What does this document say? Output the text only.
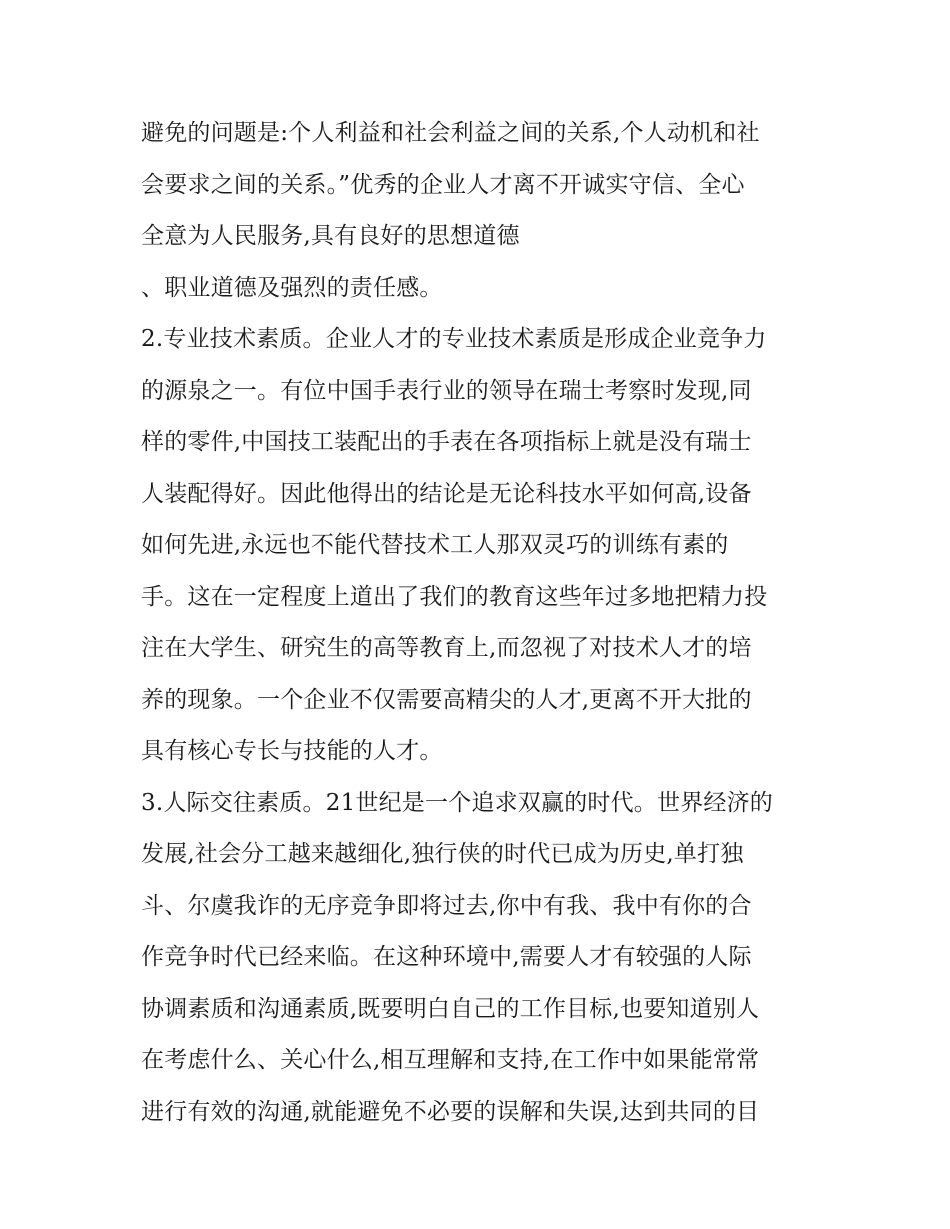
避免的问题是:个人利益和社会利益之间的关系,个人动机和社
会要求之间的关系。”优秀的企业人才离不开诚实守信、全心
全意为人民服务,具有良好的思想道德
、职业道德及强烈的责任感。
2.专业技术素质。企业人才的专业技术素质是形成企业竞争力
的源泉之一。有位中国手表行业的领导在瑞士考察时发现,同
样的零件,中国技工装配出的手表在各项指标上就是没有瑞士
人装配得好。因此他得出的结论是无论科技水平如何高,设备
如何先进,永远也不能代替技术工人那双灵巧的训练有素的
手。这在一定程度上道出了我们的教育这些年过多地把精力投
注在大学生、研究生的高等教育上,而忽视了对技术人才的培
养的现象。一个企业不仅需要高精尖的人才,更离不开大批的
具有核心专长与技能的人才。
3.人际交往素质。21世纪是一个追求双赢的时代。世界经济的
发展,社会分工越来越细化,独行侠的时代已成为历史,单打独
斗、尔虞我诈的无序竞争即将过去,你中有我、我中有你的合
作竞争时代已经来临。在这种环境中,需要人才有较强的人际
协调素质和沟通素质,既要明白自己的工作目标,也要知道别人
在考虑什么、关心什么,相互理解和支持,在工作中如果能常常
进行有效的沟通,就能避免不必要的误解和失误,达到共同的目
